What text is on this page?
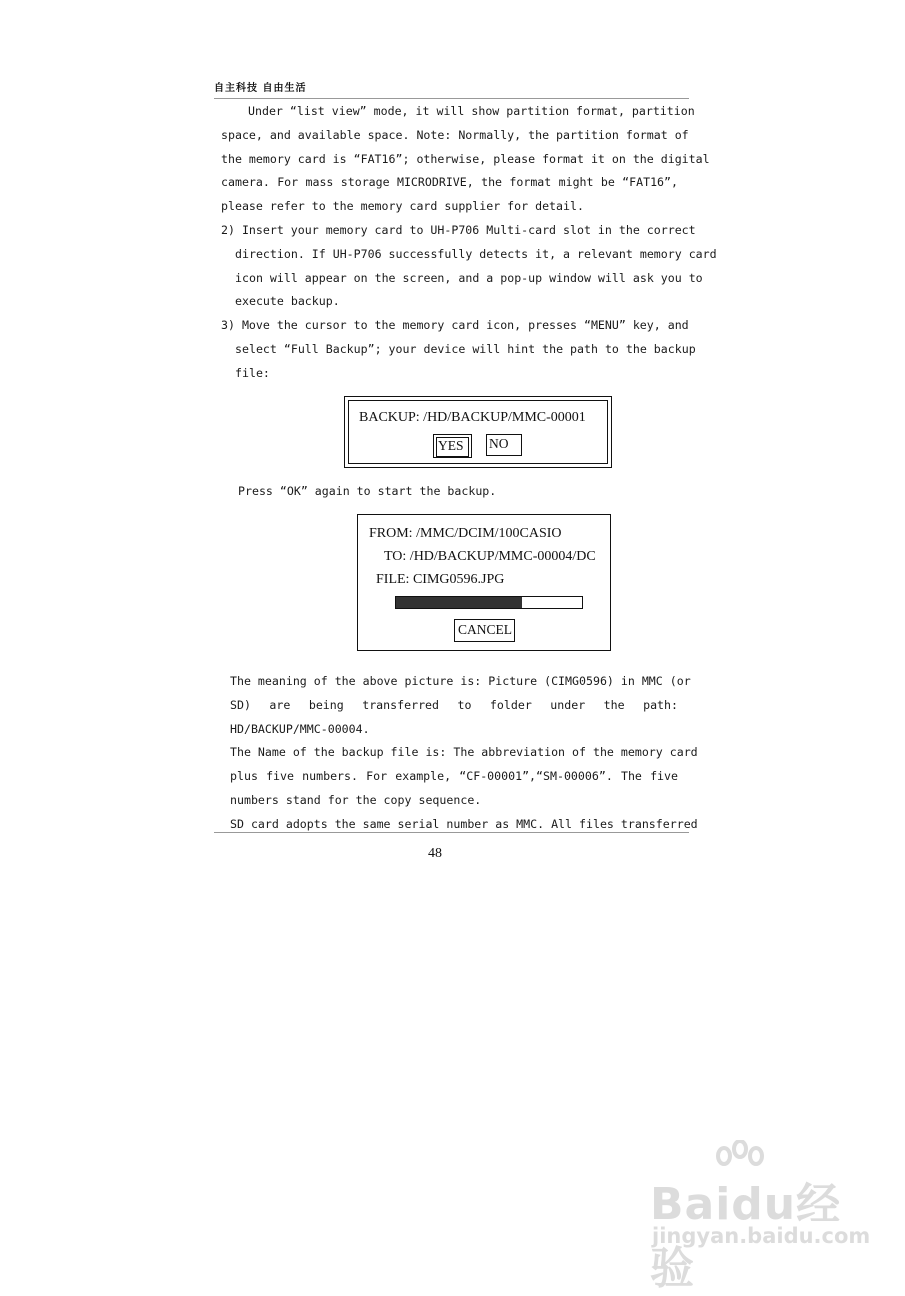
自主科技 自由生活

Under “list view” mode, it will show partition format, partition
space, and available space. Note: Normally, the partition format of
the memory card is “FAT16”; otherwise, please format it on the digital
camera. For mass storage MICRODRIVE, the format might be “FAT16”,
please refer to the memory card supplier for detail.

2) Insert your memory card to UH-P706 Multi-card slot in the correct
direction. If UH-P706 successfully detects it, a relevant memory card
icon will appear on the screen, and a pop-up window will ask you to
execute backup.

3) Move the cursor to the memory card icon, presses “MENU” key, and
select “Full Backup”; your device will hint the path to the backup
file:

BACKUP: /HD/BACKUP/MMC-00001
YES	NO

Press “OK” again to start the backup.

FROM: /MMC/DCIM/100CASIO
TO: /HD/BACKUP/MMC-00004/DC
FILE: CIMG0596.JPG
CANCEL

The meaning of the above picture is: Picture (CIMG0596) in MMC (or
SD) are being transferred to folder under the path:
HD/BACKUP/MMC-00004.
The Name of the backup file is: The abbreviation of the memory card
plus five numbers. For example, “CF-00001”,“SM-00006”. The five
numbers stand for the copy sequence.
SD card adopts the same serial number as MMC. All files transferred

48
Baidu经验
jingyan.baidu.com
